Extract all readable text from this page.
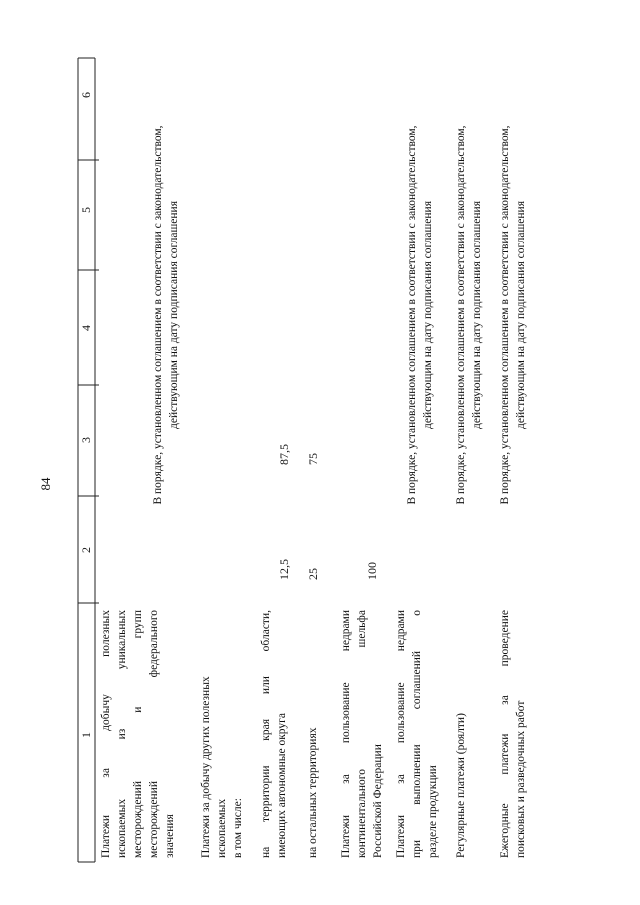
84
1
2
3
4
5
6
Платежи за добычу полезных ископаемых из уникальных месторождений и групп месторождений федерального значения
В порядке, установленном соглашением в соответствии с законодательством, действующим на дату подписания соглашения
Платежи за добычу других полезных ископаемых в том числе: на территории края или области, имеющих автономные округа
12,5
87,5
на остальных территориях
25
75
Платежи за пользование недрами континентального шельфа Российской Федерации
100
Платежи за пользование недрами при выполнении соглашений о разделе продукции
В порядке, установленном соглашением в соответствии с законодательством, действующим на дату подписания соглашения
Регулярные платежи (роялти)
В порядке, установленном соглашением в соответствии с законодательством, действующим на дату подписания соглашения
Ежегодные платежи за проведение поисковых и разведочных работ
В порядке, установленном соглашением в соответствии с законодательством, действующим на дату подписания соглашения
